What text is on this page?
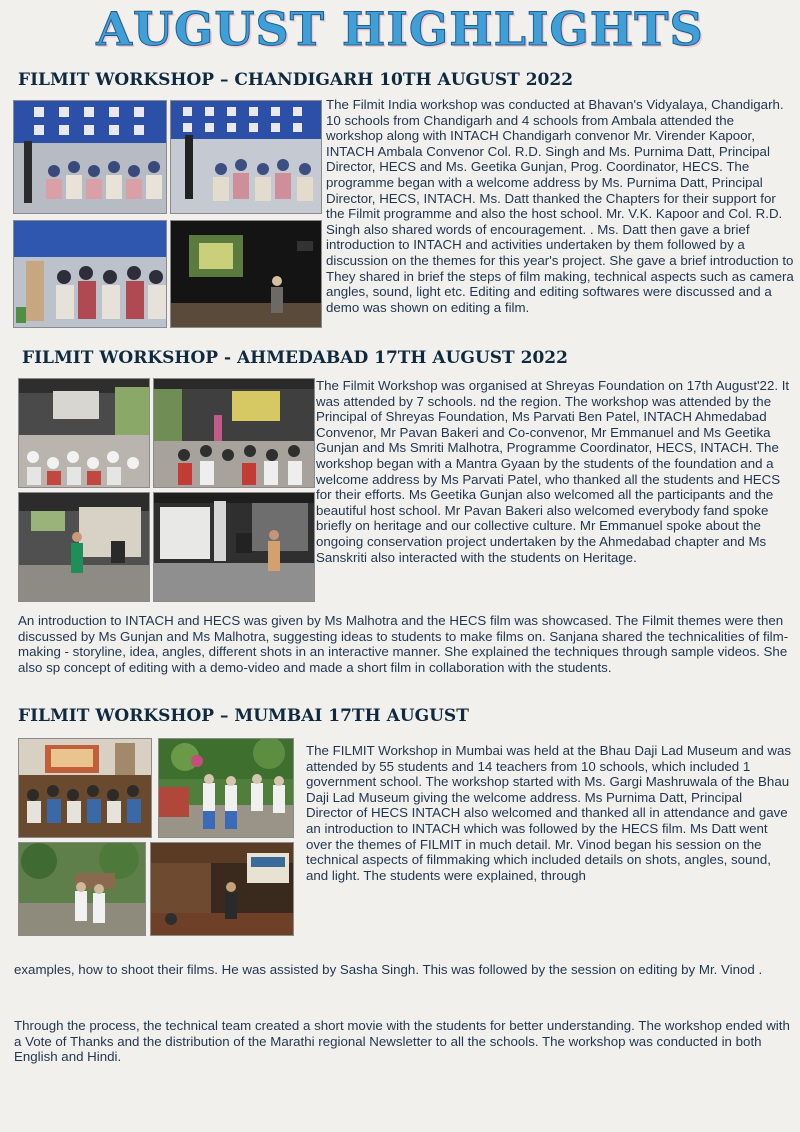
AUGUST HIGHLIGHTS
FILMIT WORKSHOP – CHANDIGARH 10TH AUGUST 2022
The Filmit India workshop was conducted at Bhavan's Vidyalaya, Chandigarh. 10 schools from Chandigarh and 4 schools from Ambala attended the workshop along with INTACH Chandigarh convenor Mr. Virender Kapoor, INTACH Ambala Convenor Col. R.D. Singh and Ms. Purnima Datt, Principal Director, HECS and Ms. Geetika Gunjan, Prog. Coordinator, HECS. The programme began with a welcome address by Ms. Purnima Datt, Principal Director, HECS, INTACH. Ms. Datt thanked the Chapters for their support for the Filmit programme and also the host school. Mr. V.K. Kapoor and Col. R.D. Singh also shared words of encouragement. . Ms. Datt then gave a brief introduction to INTACH and activities undertaken by them followed by a discussion on the themes for this year's project. She gave a brief introduction to They shared in brief the steps of film making, technical aspects such as camera angles, sound, light etc. Editing and editing softwares were discussed and a demo was shown on editing a film.
FILMIT WORKSHOP - AHMEDABAD 17TH AUGUST 2022
The Filmit Workshop was organised at Shreyas Foundation on 17th August'22. It was attended by 7 schools. nd the region. The workshop was attended by the Principal of Shreyas Foundation, Ms Parvati Ben Patel, INTACH Ahmedabad Convenor, Mr Pavan Bakeri and Co-convenor, Mr Emmanuel and Ms Geetika Gunjan and Ms Smriti Malhotra, Programme Coordinator, HECS, INTACH. The workshop began with a Mantra Gyaan by the students of the foundation and a welcome address by Ms Parvati Patel, who thanked all the students and HECS for their efforts. Ms Geetika Gunjan also welcomed all the participants and the beautiful host school. Mr Pavan Bakeri also welcomed everybody fand spoke briefly on heritage and our collective culture. Mr Emmanuel spoke about the ongoing conservation project undertaken by the Ahmedabad chapter and Ms Sanskriti also interacted with the students on Heritage.
An introduction to INTACH and HECS was given by Ms Malhotra and the HECS film was showcased. The Filmit themes were then discussed by Ms Gunjan and Ms Malhotra, suggesting ideas to students to make films on. Sanjana shared the technicalities of film-making - storyline, idea, angles, different shots in an interactive manner. She explained the techniques through sample videos. She also sp concept of editing with a demo-video and made a short film in collaboration with the students.
FILMIT WORKSHOP – MUMBAI 17TH AUGUST
The FILMIT Workshop in Mumbai was held at the Bhau Daji Lad Museum and was attended by 55 students and 14 teachers from 10 schools, which included 1 government school. The workshop started with Ms. Gargi Mashruwala of the Bhau Daji Lad Museum giving the welcome address. Ms Purnima Datt, Principal Director of HECS INTACH also welcomed and thanked all in attendance and gave an introduction to INTACH which was followed by the HECS film. Ms Datt went over the themes of FILMIT in much detail. Mr. Vinod began his session on the technical aspects of filmmaking which included details on shots, angles, sound, and light. The students were explained, through
examples, how to shoot their films. He was assisted by Sasha Singh. This was followed by the session on editing by Mr. Vinod .
Through the process, the technical team created a short movie with the students for better understanding. The workshop ended with a Vote of Thanks and the distribution of the Marathi regional Newsletter to all the schools. The workshop was conducted in both English and Hindi.
